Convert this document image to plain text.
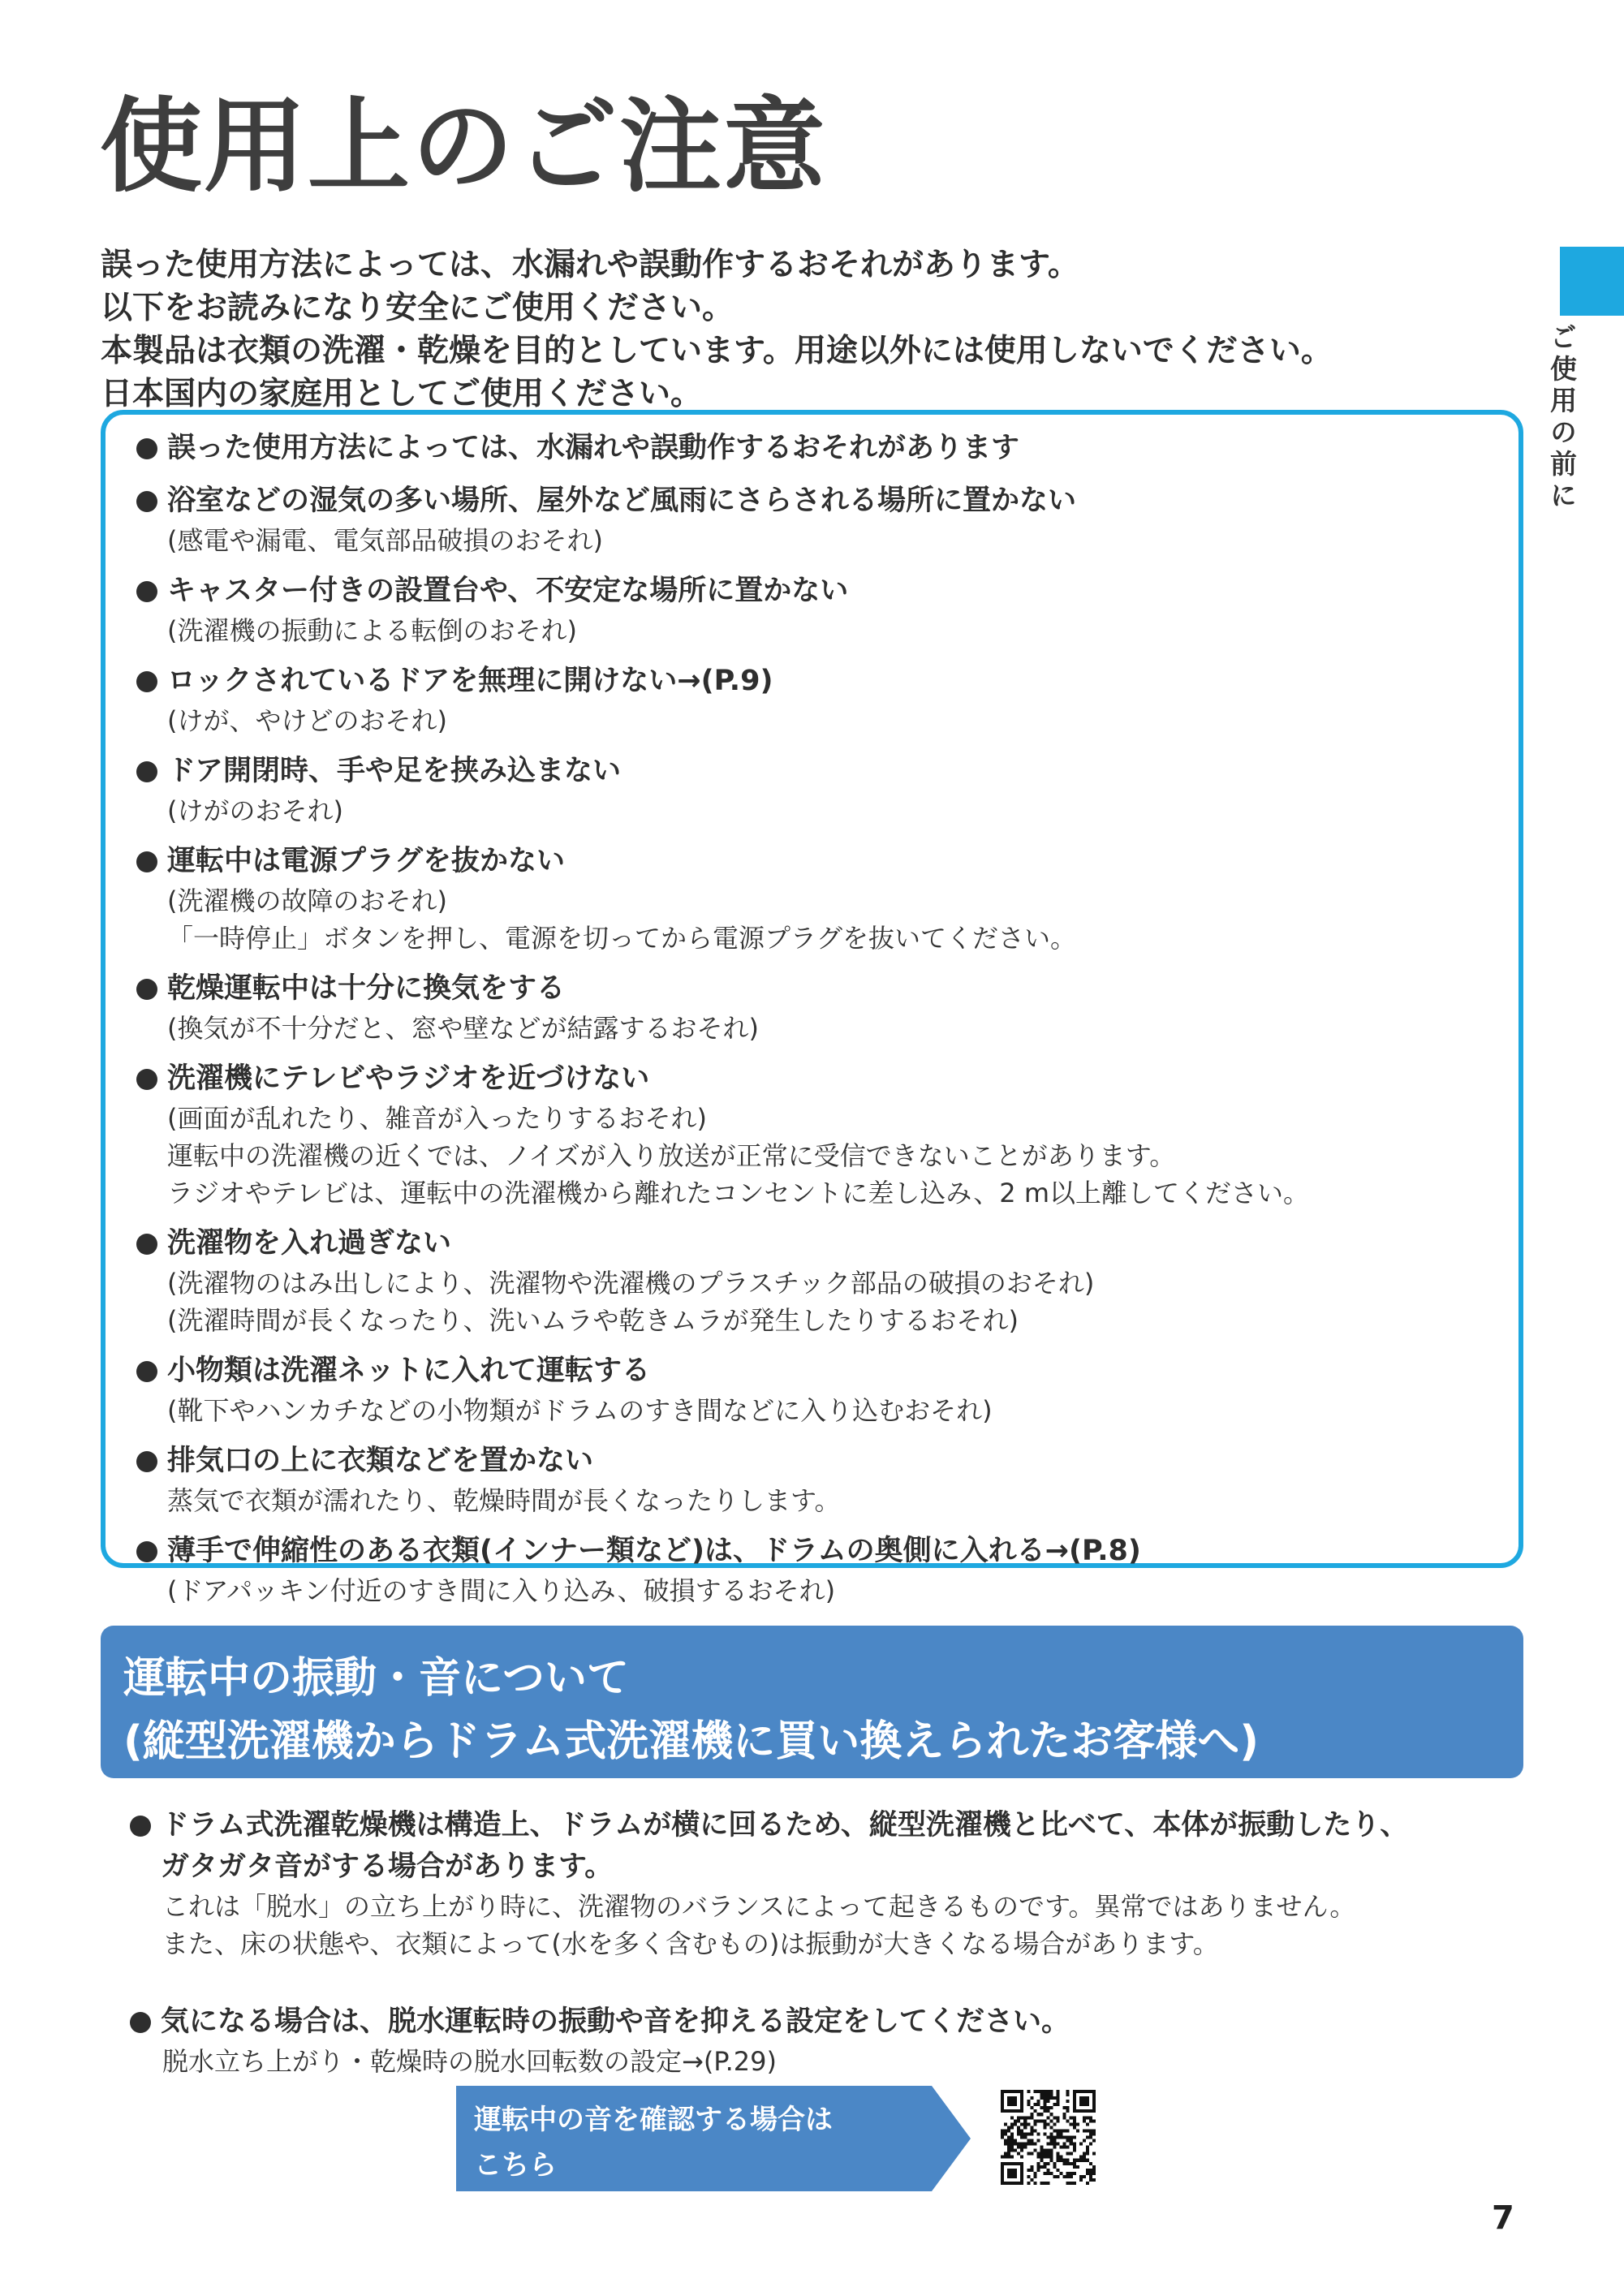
使用上のご注意
ご使用の前に
誤った使用方法によっては、水漏れや誤動作するおそれがあります。
以下をお読みになり安全にご使用ください。
本製品は衣類の洗濯・乾燥を目的としています。用途以外には使用しないでください。
日本国内の家庭用としてご使用ください。
誤った使用方法によっては、水漏れや誤動作するおそれがあります
浴室などの湿気の多い場所、屋外など風雨にさらされる場所に置かない
(感電や漏電、電気部品破損のおそれ)
キャスター付きの設置台や、不安定な場所に置かない
(洗濯機の振動による転倒のおそれ)
ロックされているドアを無理に開けない→(P.9)
(けが、やけどのおそれ)
ドア開閉時、手や足を挟み込まない
(けがのおそれ)
運転中は電源プラグを抜かない
(洗濯機の故障のおそれ)
「一時停止」ボタンを押し、電源を切ってから電源プラグを抜いてください。
乾燥運転中は十分に換気をする
(換気が不十分だと、窓や壁などが結露するおそれ)
洗濯機にテレビやラジオを近づけない
(画面が乱れたり、雑音が入ったりするおそれ)
運転中の洗濯機の近くでは、ノイズが入り放送が正常に受信できないことがあります。
ラジオやテレビは、運転中の洗濯機から離れたコンセントに差し込み、2 m以上離してください。
洗濯物を入れ過ぎない
(洗濯物のはみ出しにより、洗濯物や洗濯機のプラスチック部品の破損のおそれ)
(洗濯時間が長くなったり、洗いムラや乾きムラが発生したりするおそれ)
小物類は洗濯ネットに入れて運転する
(靴下やハンカチなどの小物類がドラムのすき間などに入り込むおそれ)
排気口の上に衣類などを置かない
蒸気で衣類が濡れたり、乾燥時間が長くなったりします。
薄手で伸縮性のある衣類(インナー類など)は、ドラムの奥側に入れる→(P.8)
(ドアパッキン付近のすき間に入り込み、破損するおそれ)
運転中の振動・音について
(縦型洗濯機からドラム式洗濯機に買い換えられたお客様へ)
ドラム式洗濯乾燥機は構造上、ドラムが横に回るため、縦型洗濯機と比べて、本体が振動したり、
ガタガタ音がする場合があります。
これは「脱水」の立ち上がり時に、洗濯物のバランスによって起きるものです。異常ではありません。
また、床の状態や、衣類によって(水を多く含むもの)は振動が大きくなる場合があります。
気になる場合は、脱水運転時の振動や音を抑える設定をしてください。
脱水立ち上がり・乾燥時の脱水回転数の設定→(P.29)
運転中の音を確認する場合は
こちら
7
